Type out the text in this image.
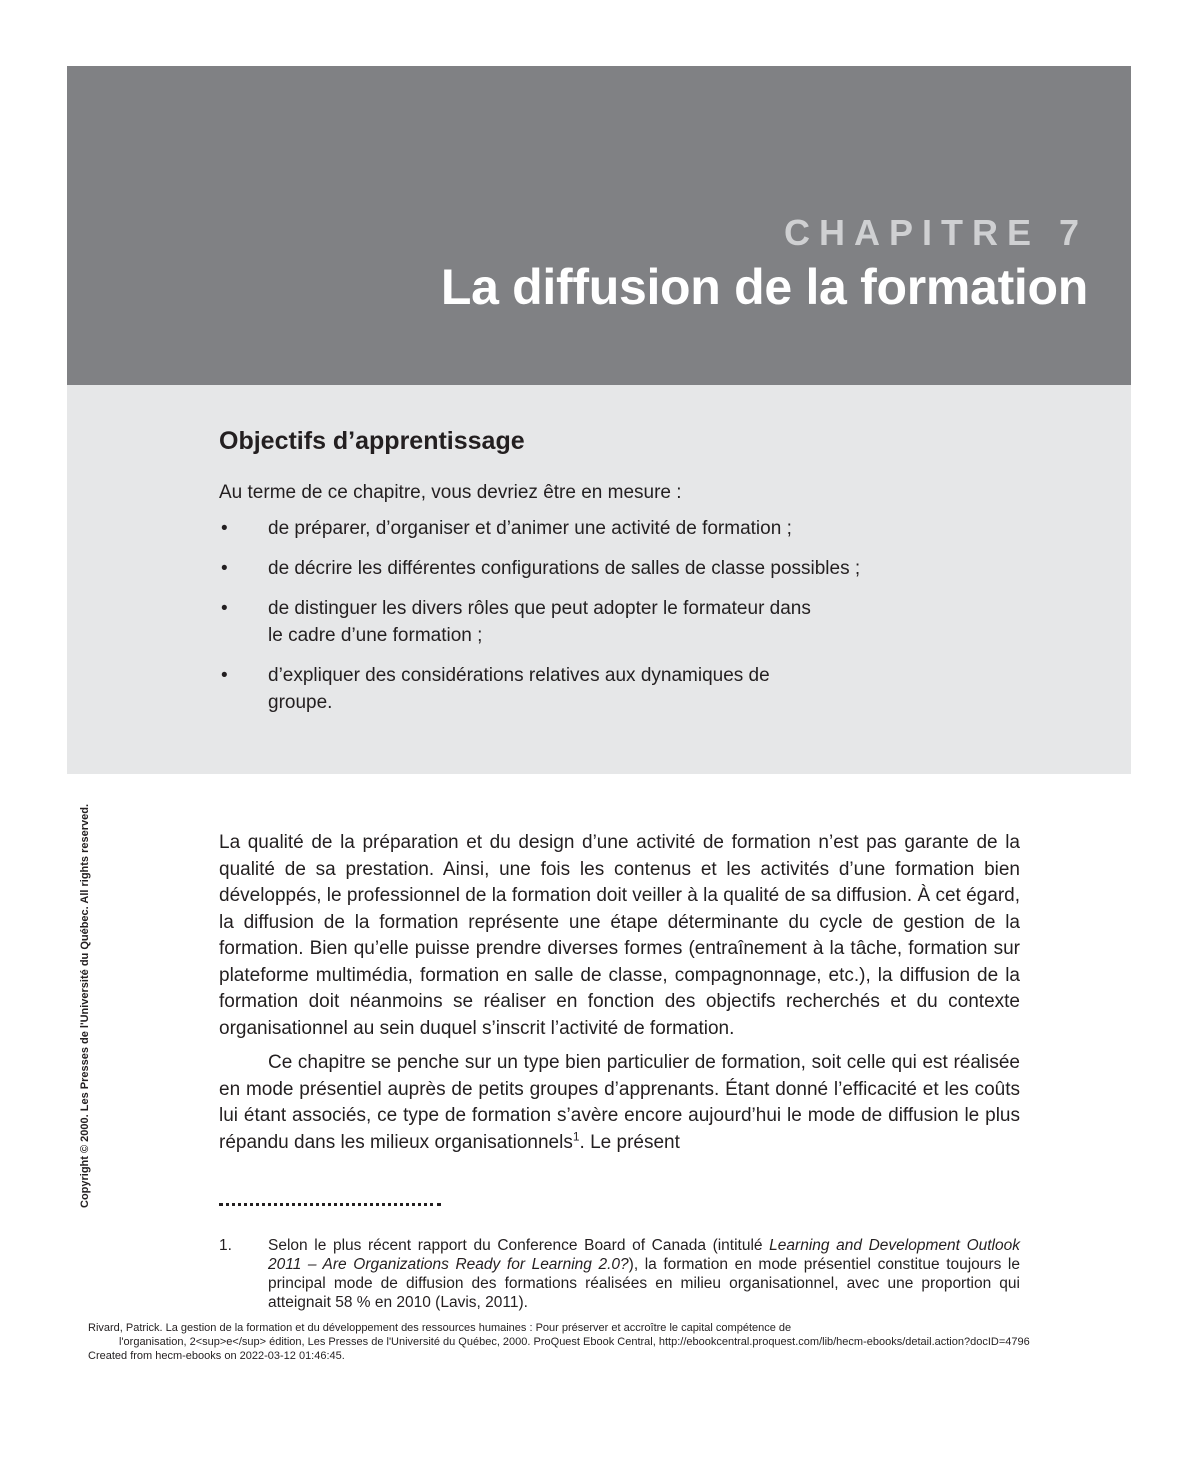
CHAPITRE 7
La diffusion de la formation
Objectifs d’apprentissage
Au terme de ce chapitre, vous devriez être en mesure :
• de préparer, d’organiser et d’animer une activité de formation ;
• de décrire les différentes configurations de salles de classe possibles ;
• de distinguer les divers rôles que peut adopter le formateur dans le cadre d’une formation ;
• d’expliquer des considérations relatives aux dynamiques de groupe.
Copyright © 2000. Les Presses de l'Université du Québec. All rights reserved.	La qualité de la préparation et du design d’une activité de formation n’est pas garante de la qualité de sa prestation. Ainsi, une fois les contenus et les activités d’une formation bien développés, le professionnel de la formation doit veiller à la qualité de sa diffusion. À cet égard, la diffusion de la formation représente une étape déterminante du cycle de gestion de la formation. Bien qu’elle puisse prendre diverses formes (entraînement à la tâche, formation sur plateforme multimédia, formation en salle de classe, compagnonnage, etc.), la diffusion de la formation doit néanmoins se réaliser en fonction des objectifs recherchés et du contexte organisationnel au sein duquel s’inscrit l’activité de formation.

Ce chapitre se penche sur un type bien particulier de formation, soit celle qui est réalisée en mode présentiel auprès de petits groupes d’apprenants. Étant donné l’efficacité et les coûts lui étant associés, ce type de formation s’avère encore aujourd’hui le mode de diffusion le plus répandu dans les milieux organisationnels$^1$. Le présent

1. Selon le plus récent rapport du Conference Board of Canada (intitulé Learning and Development Outlook 2011 – Are Organizations Ready for Learning 2.0?), la formation en mode présentiel constitue toujours le principal mode de diffusion des formations réalisées en milieu organisationnel, avec une proportion qui atteignait 58 % en 2010 (Lavis, 2011).
Rivard, Patrick. La gestion de la formation et du développement des ressources humaines : Pour préserver et accroître le capital compétence de
l'organisation, 2<sup>e</sup> édition, Les Presses de l'Université du Québec, 2000. ProQuest Ebook Central, http://ebookcentral.proquest.com/lib/hecm-ebooks/detail.action?docID=4796
Created from hecm-ebooks on 2022-03-12 01:46:45.
